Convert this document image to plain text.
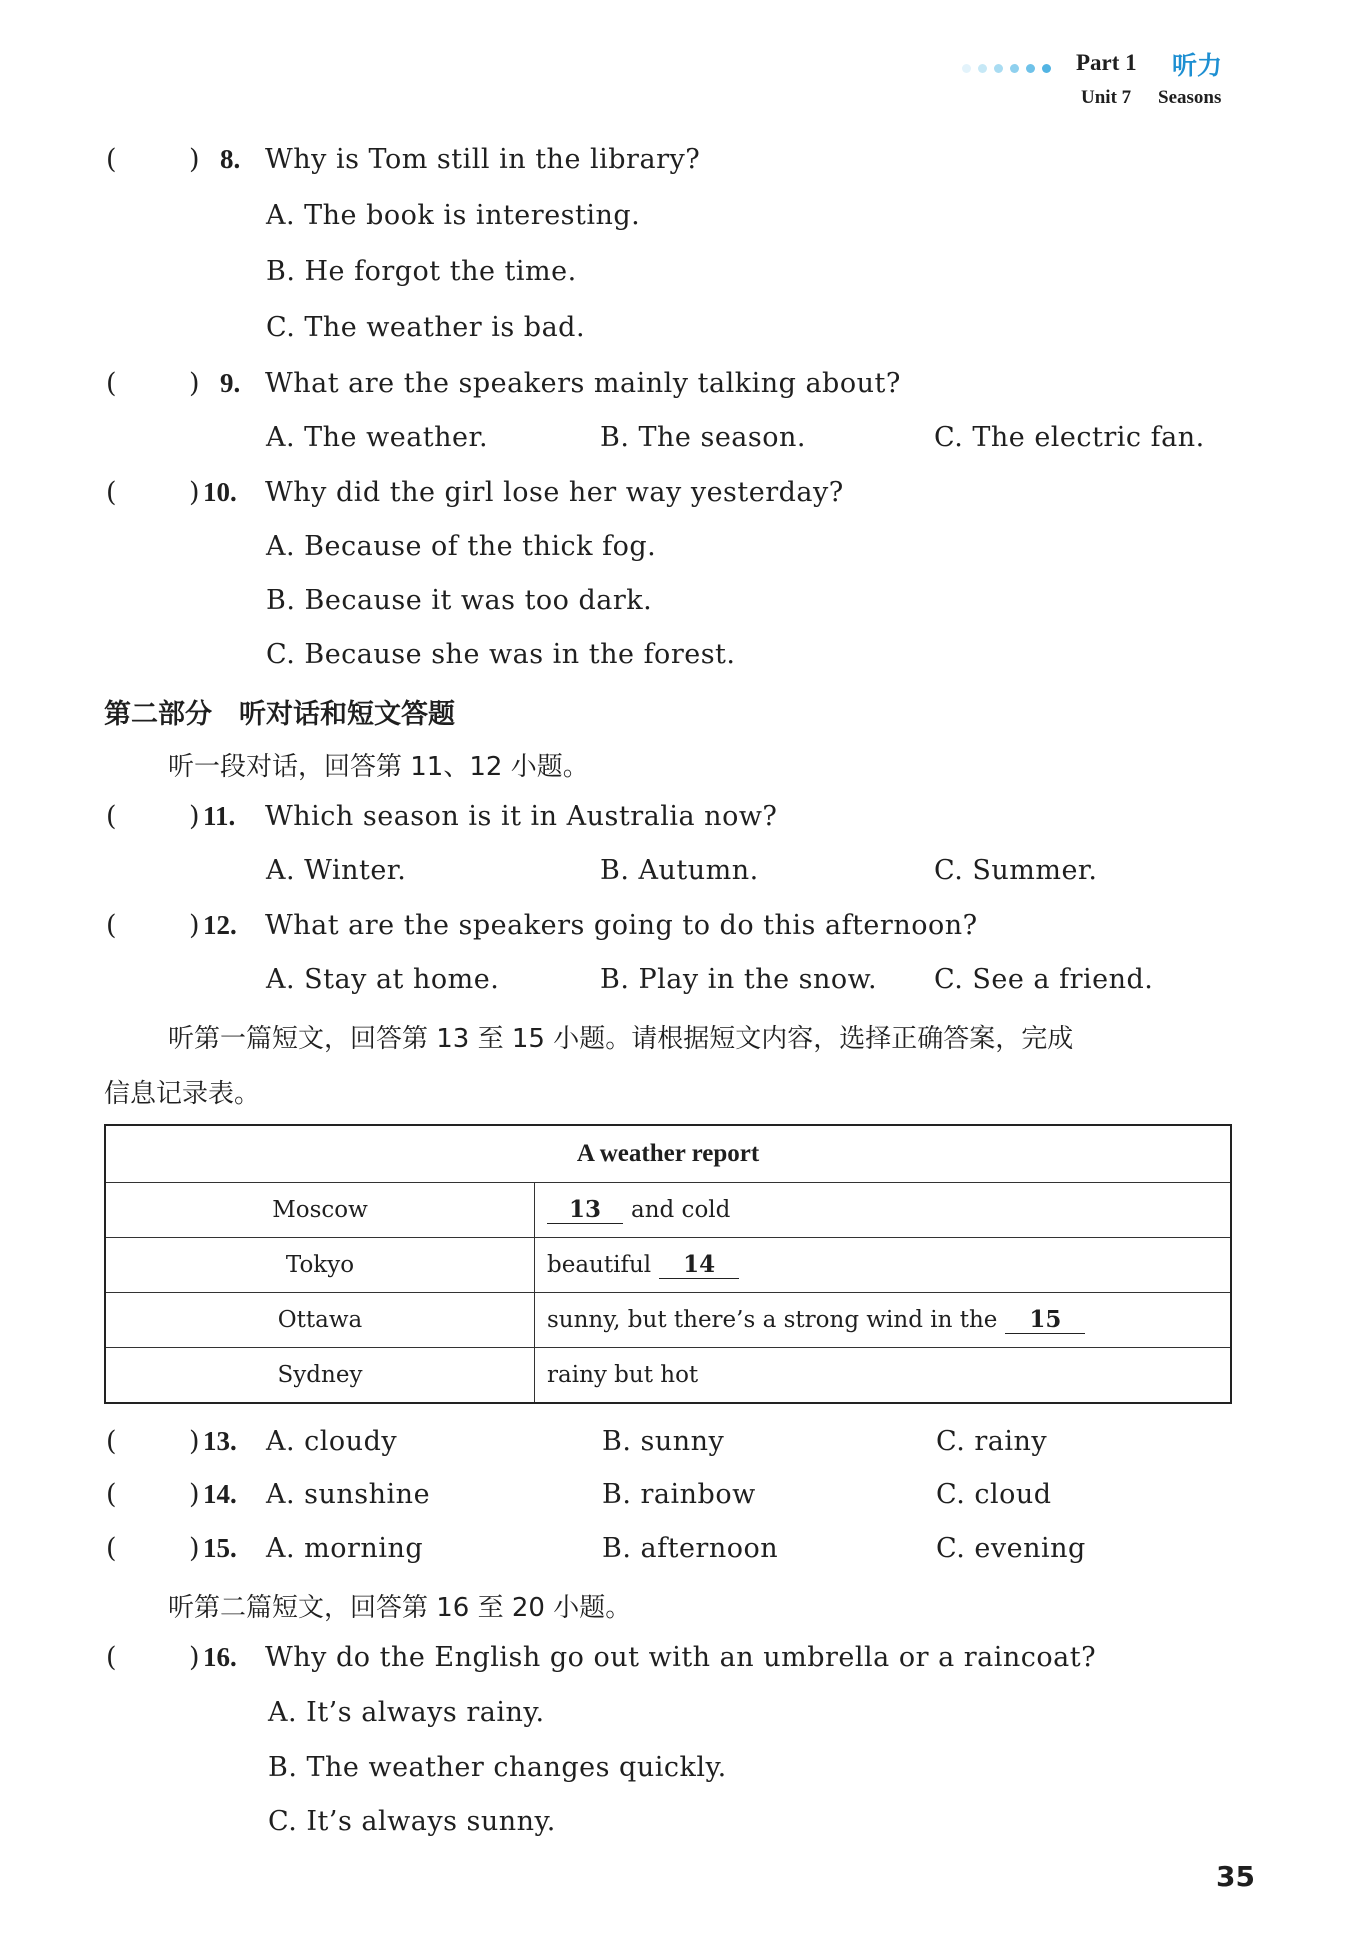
Part 1 听力
Unit 7 Seasons
(	) 8. Why is Tom still in the library?
A. The book is interesting.
B. He forgot the time.
C. The weather is bad.
(	) 9. What are the speakers mainly talking about?
A. The weather.	B. The season.	C. The electric fan.
(	) 10. Why did the girl lose her way yesterday?
A. Because of the thick fog.
B. Because it was too dark.
C. Because she was in the forest.
第二部分　听对话和短文答题
听一段对话，回答第 11、12 小题。
(	) 11. Which season is it in Australia now?
A. Winter.	B. Autumn.	C. Summer.
(	) 12. What are the speakers going to do this afternoon?
A. Stay at home.	B. Play in the snow. C. See a friend.
听第一篇短文，回答第 13 至 15 小题。请根据短文内容，选择正确答案，完成
信息记录表。
A weather report	
Moscow	13 and cold
Tokyo	beautiful 14
Ottawa	sunny, but there’s a strong wind in the 15
Sydney	rainy but hot
(	) 13. A. cloudy	B. sunny	C. rainy
(	) 14. A. sunshine	B. rainbow	C. cloud
(	) 15. A. morning	B. afternoon	C. evening
听第二篇短文，回答第 16 至 20 小题。
(	) 16. Why do the English go out with an umbrella or a raincoat?
A. It’s always rainy.
B. The weather changes quickly.
C. It’s always sunny.
35
